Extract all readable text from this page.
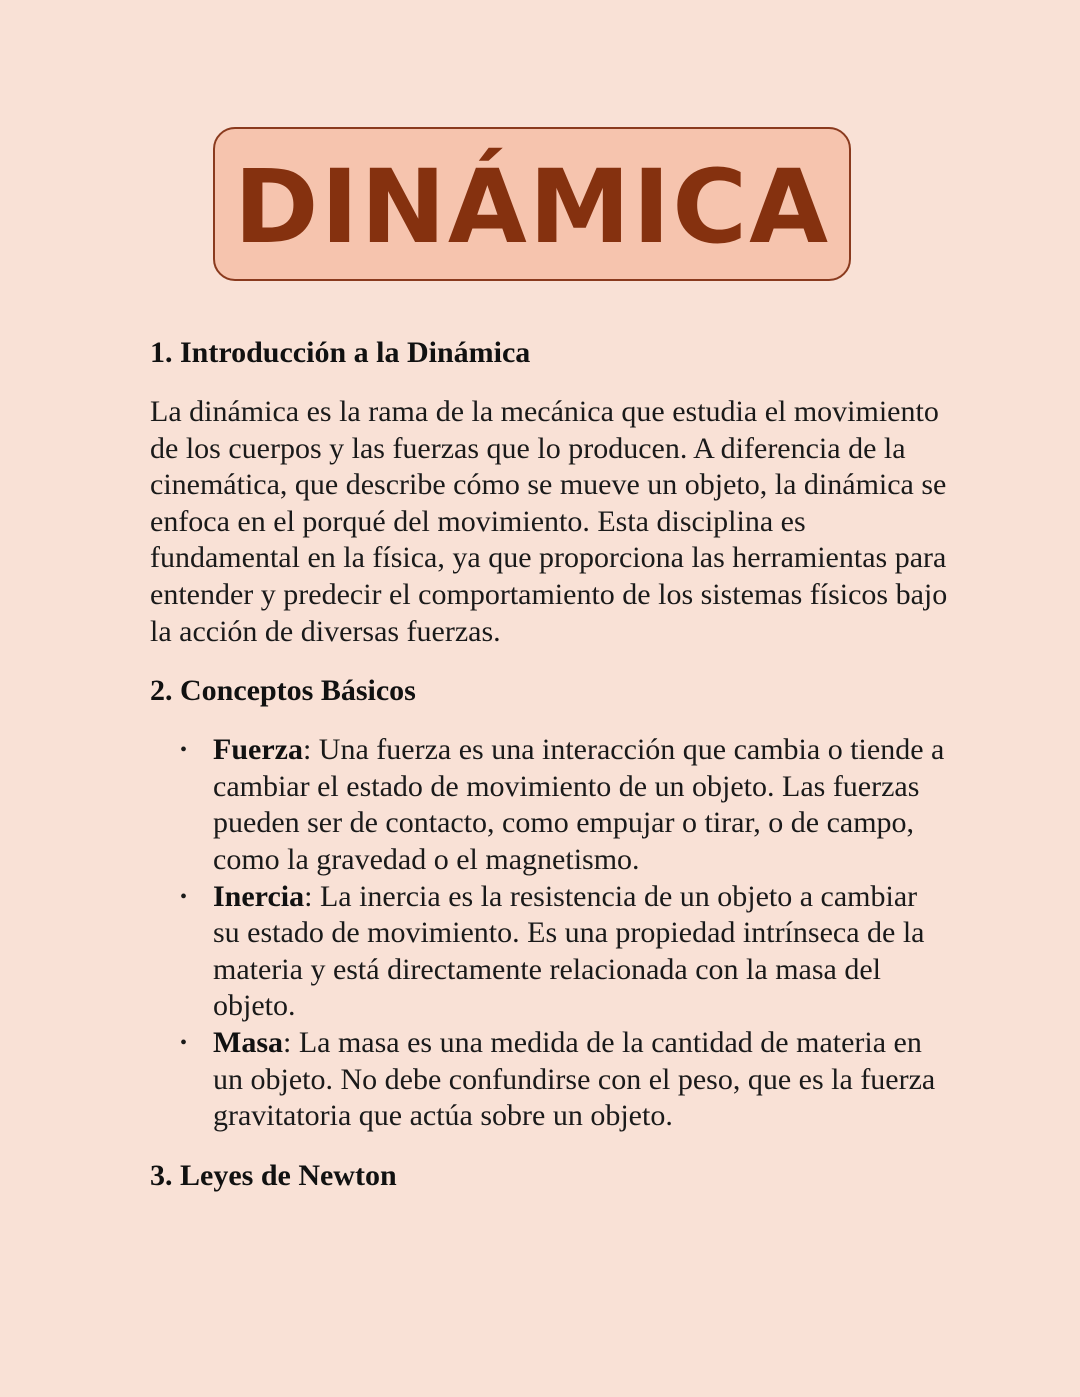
DINÁMICA
1. Introducción a la Dinámica

La dinámica es la rama de la mecánica que estudia el movimiento de los cuerpos y las fuerzas que lo producen. A diferencia de la cinemática, que describe cómo se mueve un objeto, la dinámica se enfoca en el porqué del movimiento. Esta disciplina es fundamental en la física, ya que proporciona las herramientas para entender y predecir el comportamiento de los sistemas físicos bajo la acción de diversas fuerzas.

2. Conceptos Básicos
• Fuerza: Una fuerza es una interacción que cambia o tiende a cambiar el estado de movimiento de un objeto. Las fuerzas pueden ser de contacto, como empujar o tirar, o de campo, como la gravedad o el magnetismo.
• Inercia: La inercia es la resistencia de un objeto a cambiar su estado de movimiento. Es una propiedad intrínseca de la materia y está directamente relacionada con la masa del objeto.
• Masa: La masa es una medida de la cantidad de materia en un objeto. No debe confundirse con el peso, que es la fuerza gravitatoria que actúa sobre un objeto.
3. Leyes de Newton
